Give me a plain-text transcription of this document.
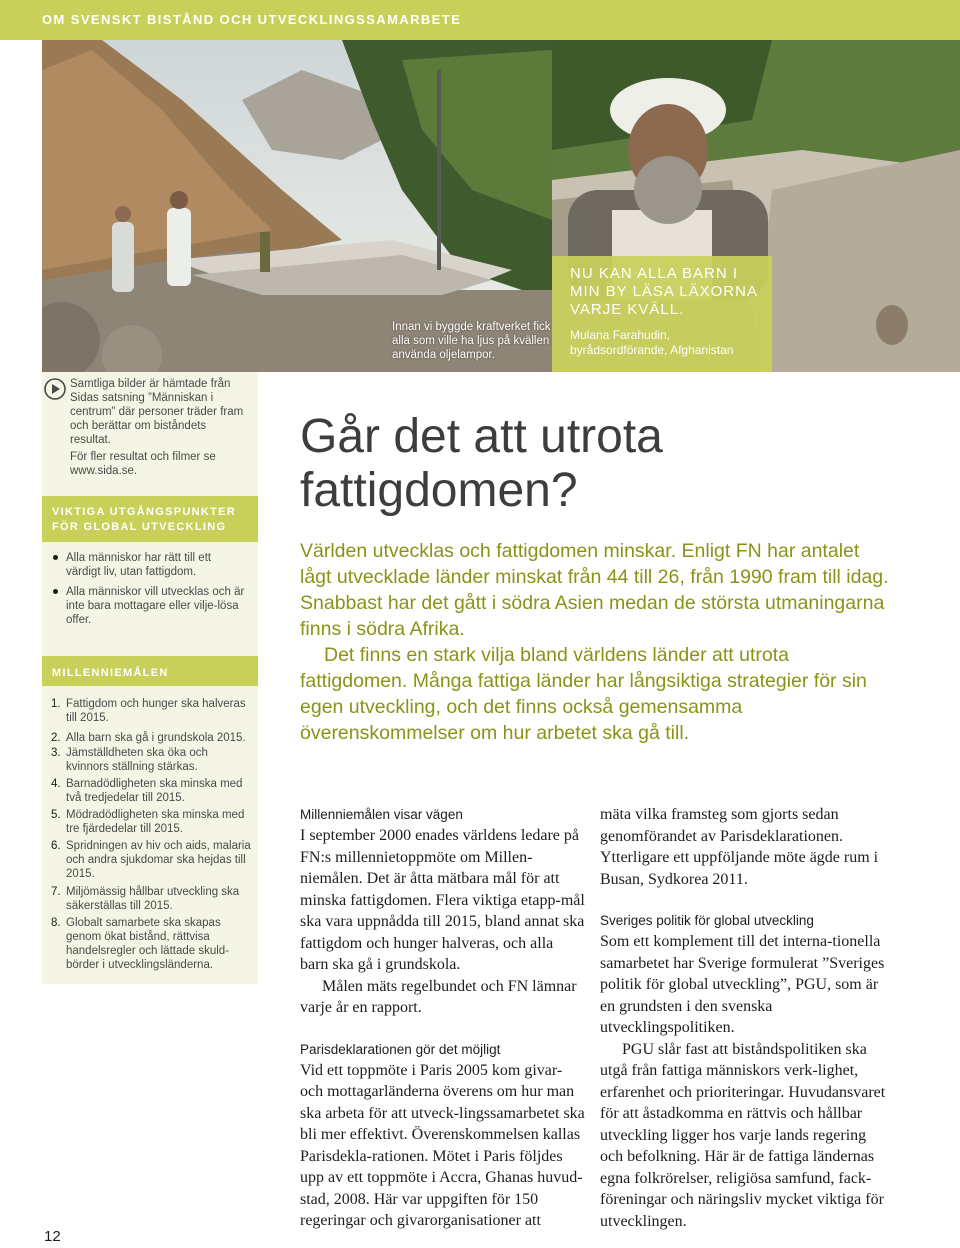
OM SVENSKT BISTÅND OCH UTVECKLINGSSAMARBETE
Innan vi byggde kraftverket fick alla som ville ha ljus på kvällen använda oljelampor.
NU KAN ALLA BARN I MIN BY LÄSA LÄXORNA VARJE KVÄLL.
Mulana Farahudin,
byrådsordförande, Afghanistan
Samtliga bilder är hämtade från Sidas satsning ”Människan i centrum” där personer träder fram och berättar om biståndets resultat.
För fler resultat och filmer se www.sida.se.
VIKTIGA UTGÅNGSPUNKTER FÖR GLOBAL UTVECKLING
Alla människor har rätt till ett värdigt liv, utan fattigdom.
Alla människor vill utvecklas och är inte bara mottagare eller vilje-lösa offer.
MILLENNIEMÅLEN
1. Fattigdom och hunger ska halveras till 2015.
2. Alla barn ska gå i grundskola 2015.
3. Jämställdheten ska öka och kvinnors ställning stärkas.
4. Barnadödligheten ska minska med två tredjedelar till 2015.
5. Mödradödligheten ska minska med tre fjärdedelar till 2015.
6. Spridningen av hiv och aids, malaria och andra sjukdomar ska hejdas till 2015.
7. Miljömässig hållbar utveckling ska säkerställas till 2015.
8. Globalt samarbete ska skapas genom ökat bistånd, rättvisa handelsregler och lättade skuld-börder i utvecklingsländerna.
12
Går det att utrota fattigdomen?

Världen utvecklas och fattigdomen minskar. Enligt FN har antalet lågt utvecklade länder minskat från 44 till 26, från 1990 fram till idag. Snabbast har det gått i södra Asien medan de största utmaningarna finns i södra Afrika.

Det finns en stark vilja bland världens länder att utrota fattigdomen. Många fattiga länder har långsiktiga strategier för sin egen utveckling, och det finns också gemensamma överenskommelser om hur arbetet ska gå till.

Millenniemålen visar vägen

I september 2000 enades världens ledare på FN:s millennietoppmöte om Millen-niemålen. Det är åtta mätbara mål för att minska fattigdomen. Flera viktiga etapp-mål ska vara uppnådda till 2015, bland annat ska fattigdom och hunger halveras, och alla barn ska gå i grundskola.

Målen mäts regelbundet och FN lämnar varje år en rapport.

Parisdeklarationen gör det möjligt

Vid ett toppmöte i Paris 2005 kom givar- och mottagarländerna överens om hur man ska arbeta för att utveck-lingssamarbetet ska bli mer effektivt. Överenskommelsen kallas Parisdekla-rationen. Mötet i Paris följdes upp av ett toppmöte i Accra, Ghanas huvud-stad, 2008. Här var uppgiften för 150 regeringar och givarorganisationer att

mäta vilka framsteg som gjorts sedan genomförandet av Parisdeklarationen. Ytterligare ett uppföljande möte ägde rum i Busan, Sydkorea 2011.

Sveriges politik för global utveckling

Som ett komplement till det interna-tionella samarbetet har Sverige formulerat ”Sveriges politik för global utveckling”, PGU, som är en grundsten i den svenska utvecklingspolitiken.

PGU slår fast att biståndspolitiken ska utgå från fattiga människors verk-lighet, erfarenhet och prioriteringar. Huvudansvaret för att åstadkomma en rättvis och hållbar utveckling ligger hos varje lands regering och befolkning. Här är de fattiga ländernas egna folkrörelser, religiösa samfund, fack-föreningar och näringsliv mycket viktiga för utvecklingen.
